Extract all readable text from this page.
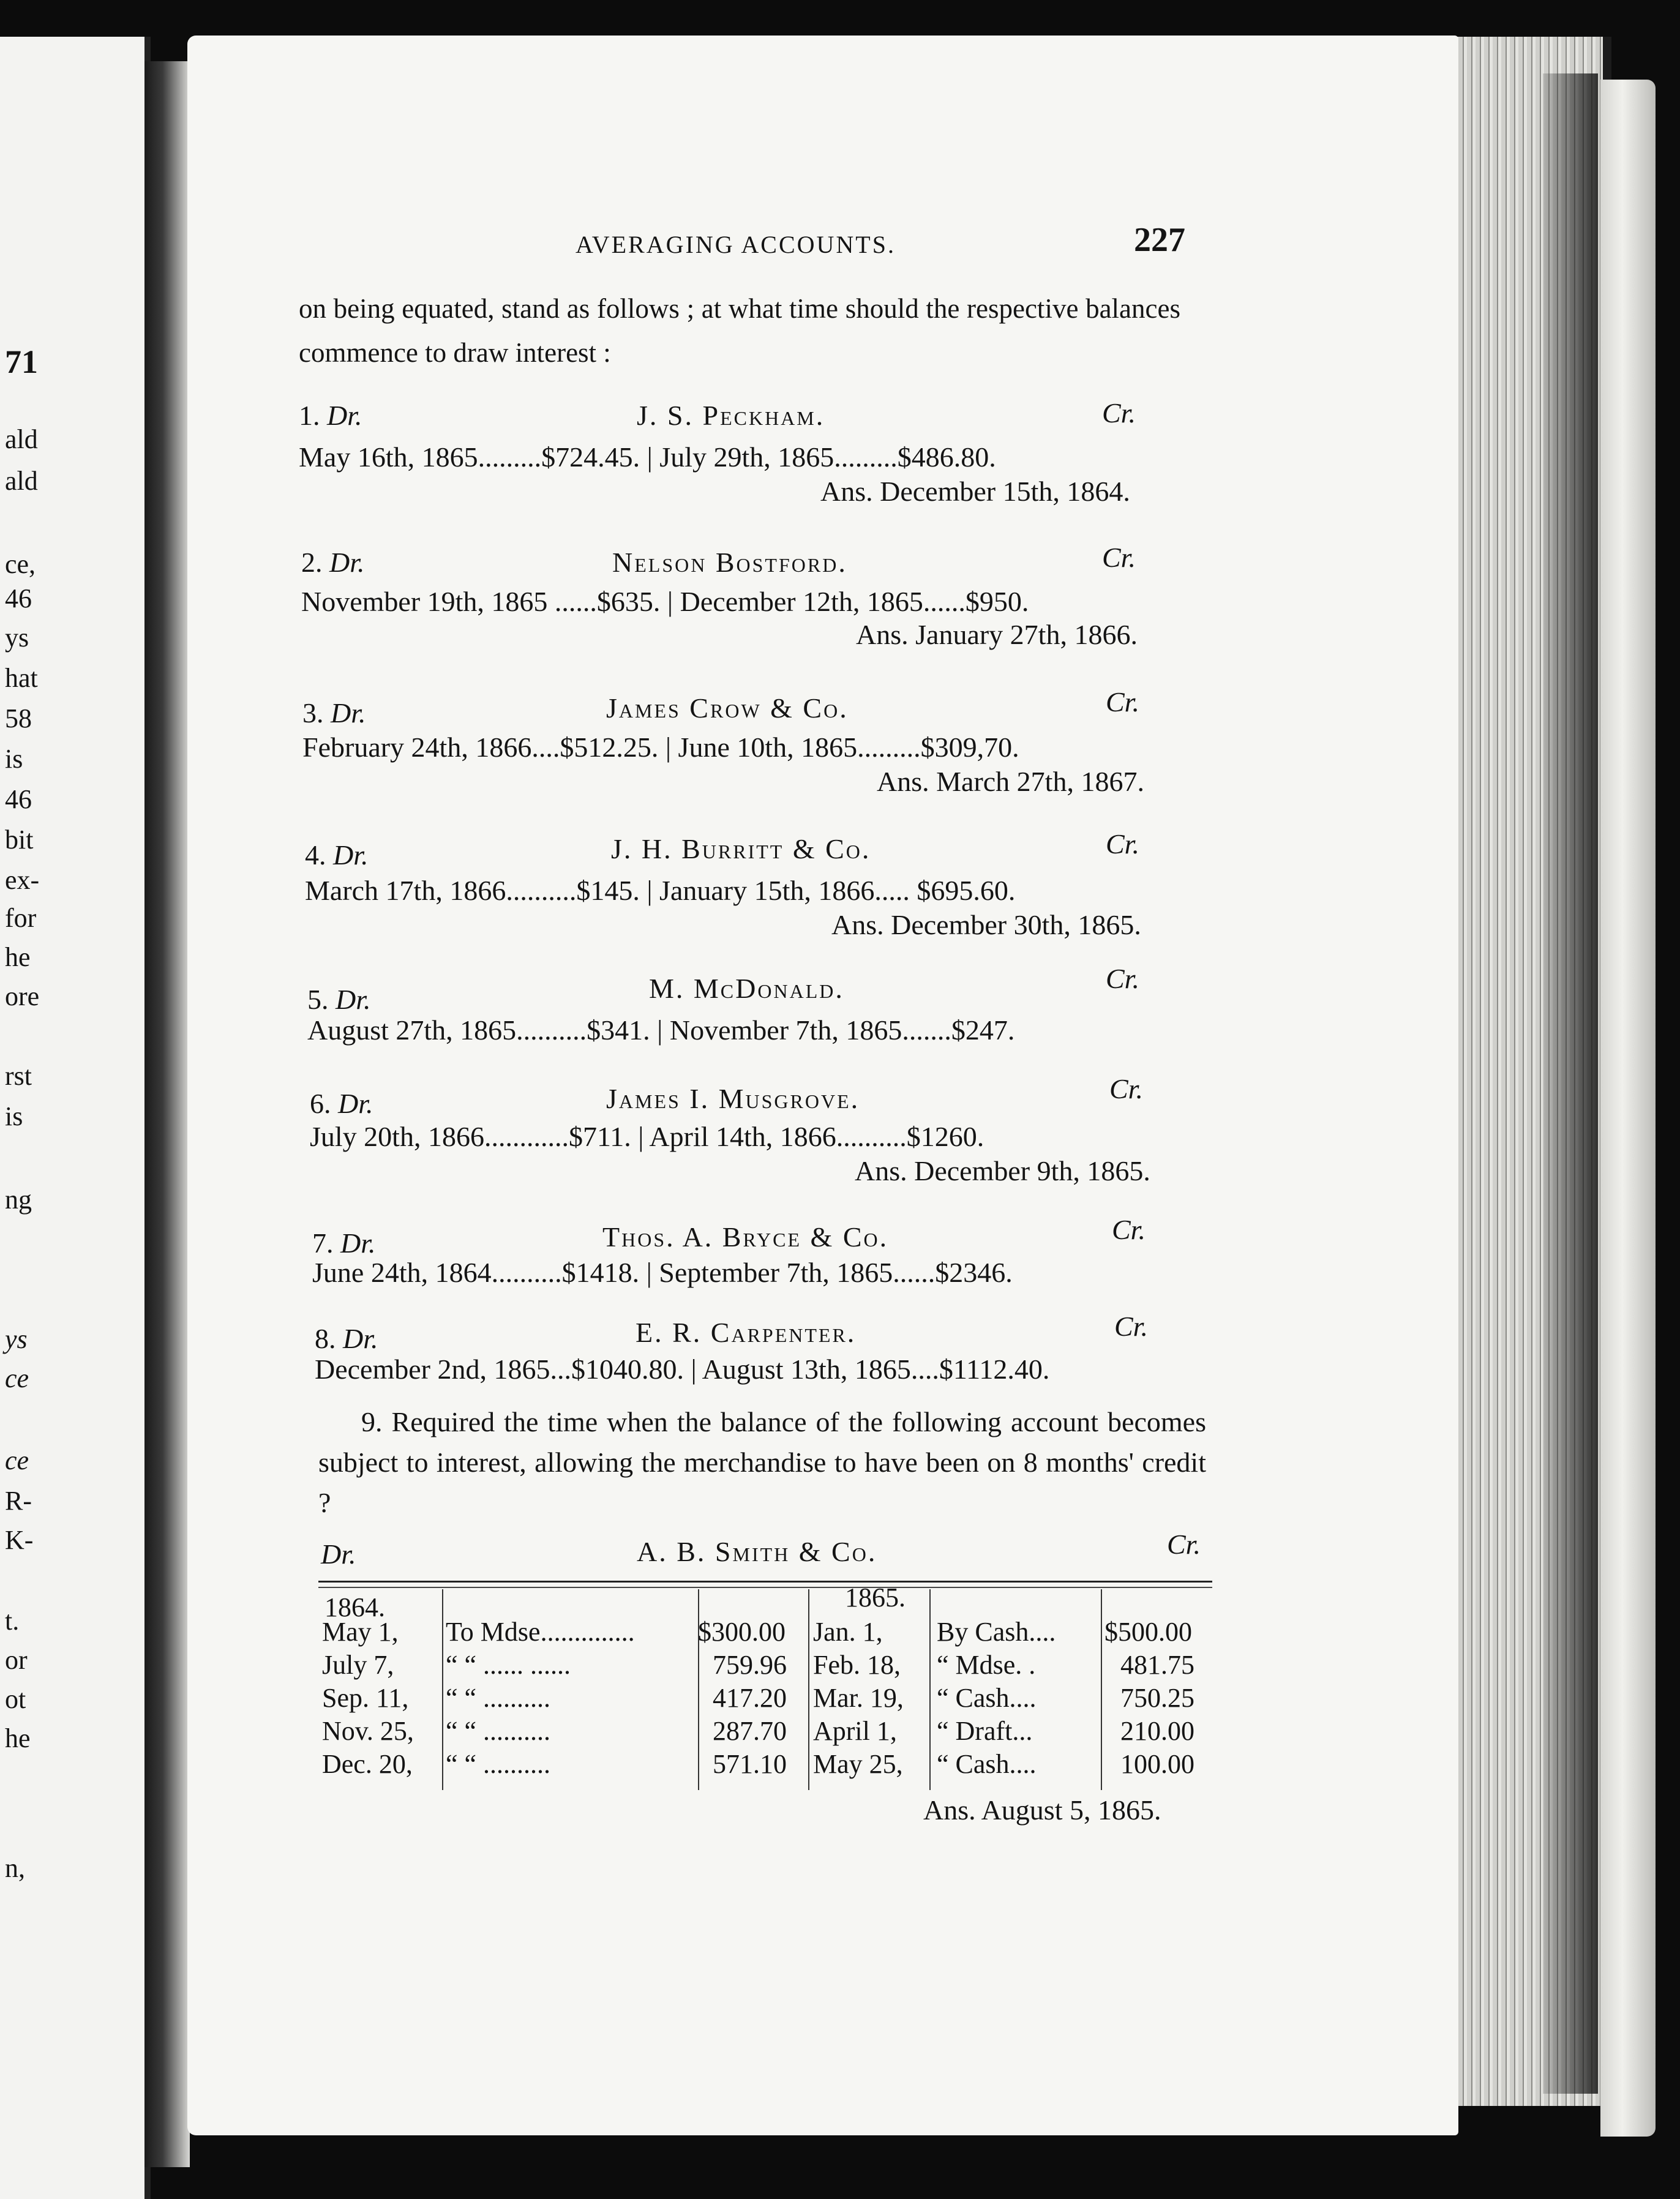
71
ald
ald
ce,
46
ys
hat
58
is
46
bit
ex-
for
he
ore
rst
is
ng
ys
ce
ce
R-
K-
t.
or
ot
he
n,
AVERAGING ACCOUNTS.	227
on being equated, stand as follows ; at what time should the respective balances commence to draw interest :
1. Dr.	J. S. Peckham.	Cr.
May 16th, 1865.........$724.45. | July 29th, 1865.........$486.80.
Ans. December 15th, 1864.
2. Dr.	Nelson Bostford.	Cr.
November 19th, 1865 ......$635. | December 12th, 1865......$950.
Ans. January 27th, 1866.
3. Dr.	James Crow & Co.	Cr.
February 24th, 1866....$512.25. | June 10th, 1865.........$309,70.
Ans. March 27th, 1867.
4. Dr.	J. H. Burritt & Co.	Cr.
March 17th, 1866..........$145. | January 15th, 1866..... $695.60.
Ans. December 30th, 1865.
5. Dr.	M. McDonald.	Cr.
August 27th, 1865..........$341. | November 7th, 1865.......$247.
6. Dr.	James I. Musgrove.	Cr.
July 20th, 1866............$711. | April 14th, 1866..........$1260.
Ans. December 9th, 1865.
7. Dr.	Thos. A. Bryce & Co.	Cr.
June 24th, 1864..........$1418. | September 7th, 1865......$2346.
8. Dr.	E. R. Carpenter.	Cr.
December 2nd, 1865...$1040.80. | August 13th, 1865....$1112.40.
9. Required the time when the balance of the following account becomes subject to interest, allowing the merchandise to have been on 8 months' credit ?
Dr.	A. B. Smith & Co.	Cr.
1864.	1865.
May 1, To Mdse.............. $300.00 Jan. 1, By Cash.... $500.00
July 7, “ “ ...... ......	759.96 Feb. 18, “ Mdse. .	481.75
Sep. 11, “ “ ..........	417.20 Mar. 19, “ Cash....	750.25
Nov. 25, “ “ ..........	287.70 April 1, “ Draft...	210.00
Dec. 20, “ “ ..........	571.10 May 25, “ Cash....	100.00
Ans. August 5, 1865.
